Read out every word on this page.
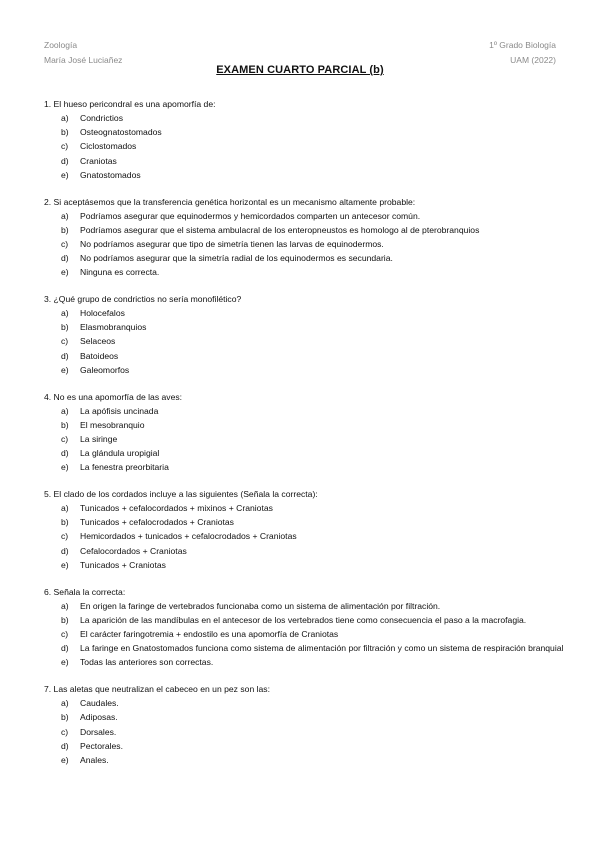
Zoología
María José Luciañez
1º Grado Biología
UAM (2022)
EXAMEN CUARTO PARCIAL (b)
1. El hueso pericondral es una apomorfía de:
a)	Condrictios
b)	Osteognatostomados
c)	Ciclostomados
d)	Craniotas
e)	Gnatostomados
2. Si aceptásemos que la transferencia genética horizontal es un mecanismo altamente probable:
a)	Podríamos asegurar que equinodermos y hemicordados comparten un antecesor común.
b)	Podríamos asegurar que el sistema ambulacral de los enteropneustos es homologo al de pterobranquios
c)	No podríamos asegurar que tipo de simetría tienen las larvas de equinodermos.
d)	No podríamos asegurar que la simetría radial de los equinodermos es secundaria.
e)	Ninguna es correcta.
3. ¿Qué grupo de condrictios no sería monofilético?
a)	Holocefalos
b)	Elasmobranquios
c)	Selaceos
d)	Batoideos
e)	Galeomorfos
4. No es una apomorfía de las aves:
a)	La apófisis uncinada
b)	El mesobranquio
c)	La siringe
d)	La glándula uropigial
e)	La fenestra preorbitaria
5. El clado de los cordados incluye a las siguientes (Señala la correcta):
a)	Tunicados + cefalocordados + mixinos + Craniotas
b)	Tunicados + cefalocrodados + Craniotas
c)	Hemicordados + tunicados + cefalocrodados + Craniotas
d)	Cefalocordados + Craniotas
e)	Tunicados + Craniotas
6. Señala la correcta:
a)	En origen la faringe de vertebrados funcionaba como un sistema de alimentación por filtración.
b)	La aparición de las mandíbulas en el antecesor de los vertebrados tiene como consecuencia el paso a la macrofagia.
c)	El carácter faringotremia + endostilo es una apomorfía de Craniotas
d)	La faringe en Gnatostomados funciona como sistema de alimentación por filtración y como un sistema de respiración branquial
e)	Todas las anteriores son correctas.
7. Las aletas que neutralizan el cabeceo en un pez son las:
a)	Caudales.
b)	Adiposas.
c)	Dorsales.
d)	Pectorales.
e)	Anales.
